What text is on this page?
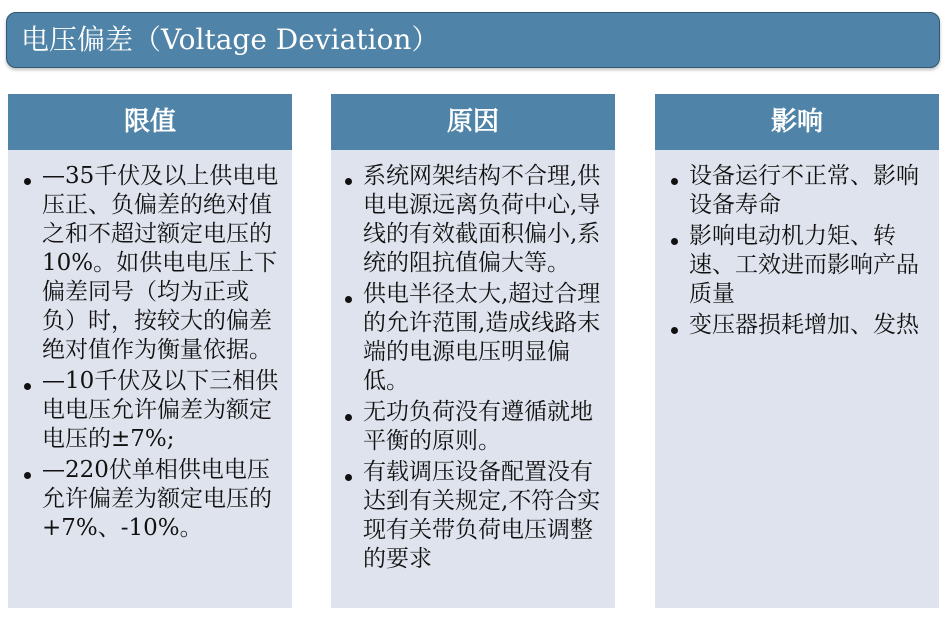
电压偏差（Voltage Deviation）
限值
—35千伏及以上供电电压正、负偏差的绝对值之和不超过额定电压的10%。如供电电压上下偏差同号（均为正或负）时，按较大的偏差绝对值作为衡量依据。
—10千伏及以下三相供电电压允许偏差为额定电压的±7%;
—220伏单相供电电压允许偏差为额定电压的+7%、-10%。
原因
系统网架结构不合理,供电电源远离负荷中心,导线的有效截面积偏小,系统的阻抗值偏大等。
供电半径太大,超过合理的允许范围,造成线路末端的电源电压明显偏低。
无功负荷没有遵循就地平衡的原则。
有载调压设备配置没有达到有关规定,不符合实现有关带负荷电压调整的要求
影响
设备运行不正常、影响设备寿命
影响电动机力矩、转速、工效进而影响产品质量
变压器损耗增加、发热
